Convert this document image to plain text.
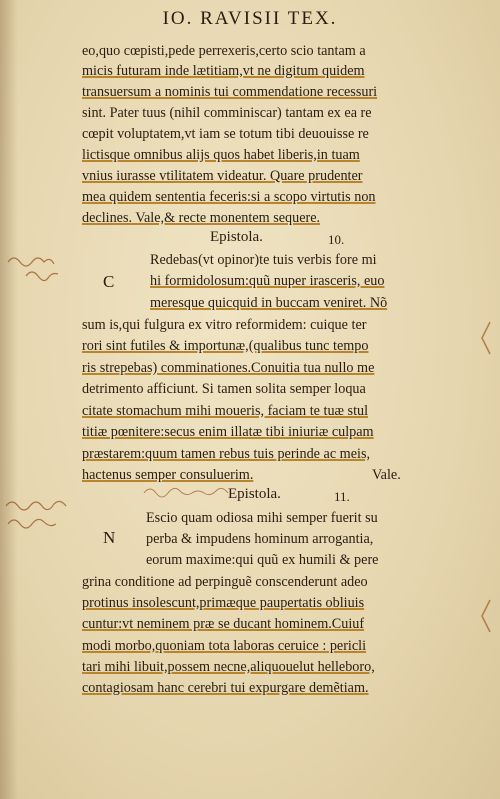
IO. RAVISII TEX.
eo,quo cœpisti,pede perrexeris,certo scio tantam a
micis futuram inde lætitiam,vt ne digitum quidem
transuersum a nominis tui commendatione recessuri
sint. Pater tuus (nihil comminiscar) tantam ex ea re
cœpit voluptatem,vt iam se totum tibi deuouisse re
lictisque omnibus alijs quos habet liberis,in tuam
vnius iurasse vtilitatem videatur. Quare prudenter
mea quidem sententia feceris:si a scopo virtutis non
declines. Vale,& recte monentem sequere.
Epistola.	10.
C
Redebas(vt opinor)te tuis verbis fore mi
hi formidolosum:quũ nuper irasceris, euo
meresque quicquid in buccam veniret. Nõ
sum is,qui fulgura ex vitro reformidem: cuique ter
rori sint futiles & importunæ,(qualibus tunc tempo
ris strepebas) comminationes.Conuitia tua nullo me
detrimento afficiunt. Si tamen solita semper loqua
citate stomachum mihi moueris, faciam te tuæ stul
titiæ pœnitere:secus enim illatæ tibi iniuriæ culpam
præstarem:quum tamen rebus tuis perinde ac meis,
hactenus semper consuluerim.	Vale.
Epistola.	11.
N
Escio quam odiosa mihi semper fuerit su
perba & impudens hominum arrogantia,
eorum maxime:qui quũ ex humili & pere
grina conditione ad perpinguẽ conscenderunt adeo
protinus insolescunt,primæque paupertatis obliuis
cuntur:vt neminem præ se ducant hominem.Cuiuf
modi morbo,quoniam tota laboras ceruice : pericli
tari mihi libuit,possem necne,aliquouelut helleboro,
contagiosam hanc cerebri tui expurgare demẽtiam.
